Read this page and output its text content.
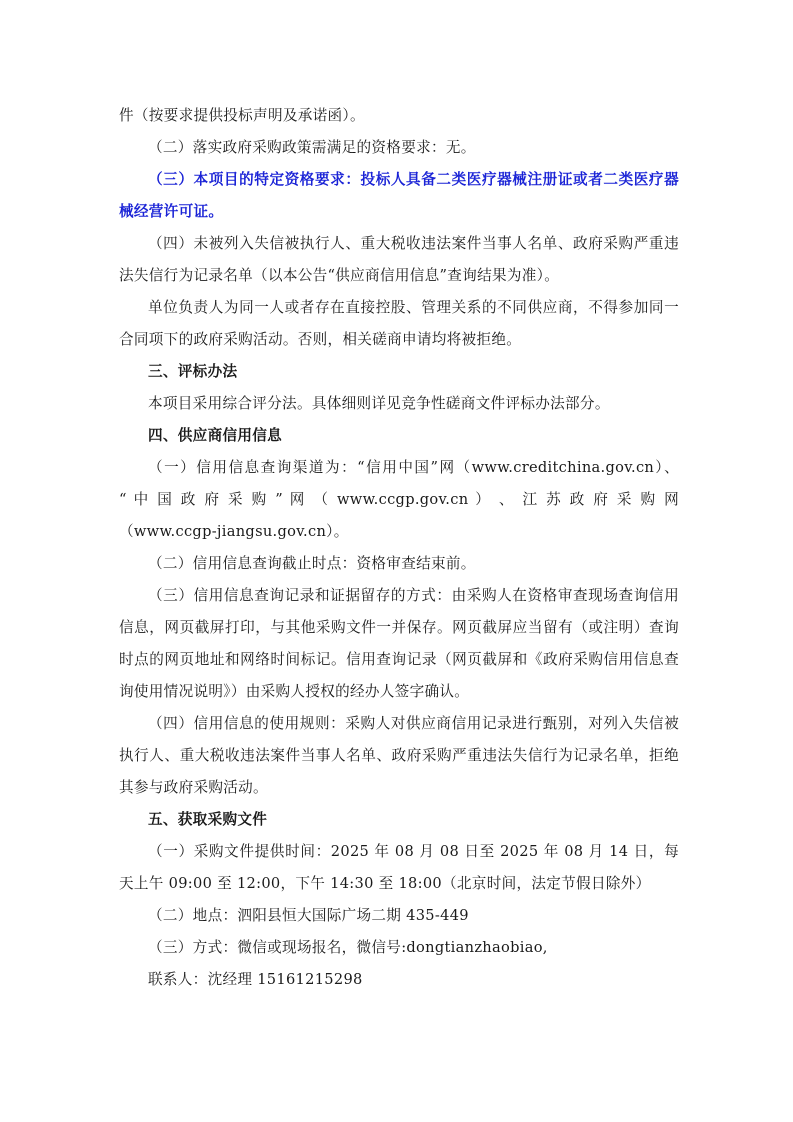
件（按要求提供投标声明及承诺函）。

（二）落实政府采购政策需满足的资格要求：无。

（三）本项目的特定资格要求：投标人具备二类医疗器械注册证或者二类医疗器械经营许可证。

（四）未被列入失信被执行人、重大税收违法案件当事人名单、政府采购严重违法失信行为记录名单（以本公告“供应商信用信息”查询结果为准）。

单位负责人为同一人或者存在直接控股、管理关系的不同供应商，不得参加同一合同项下的政府采购活动。否则，相关磋商申请均将被拒绝。

三、评标办法

本项目采用综合评分法。具体细则详见竞争性磋商文件评标办法部分。

四、供应商信用信息

（一）信用信息查询渠道为：“信用中国”网（www.creditchina.gov.cn）、

“ 中 国 政 府 采 购 ” 网 （ www.ccgp.gov.cn ） 、 江 苏 政 府 采 购 网

（www.ccgp-jiangsu.gov.cn）。

（二）信用信息查询截止时点：资格审查结束前。

（三）信用信息查询记录和证据留存的方式：由采购人在资格审查现场查询信用信息，网页截屏打印，与其他采购文件一并保存。网页截屏应当留有（或注明）查询时点的网页地址和网络时间标记。信用查询记录（网页截屏和《政府采购信用信息查询使用情况说明》）由采购人授权的经办人签字确认。

（四）信用信息的使用规则：采购人对供应商信用记录进行甄别，对列入失信被执行人、重大税收违法案件当事人名单、政府采购严重违法失信行为记录名单，拒绝其参与政府采购活动。

五、获取采购文件

（一）采购文件提供时间：2025 年 08 月 08 日至 2025 年 08 月 14 日，每天上午 09:00 至 12:00，下午 14:30 至 18:00（北京时间，法定节假日除外）

（二）地点：泗阳县恒大国际广场二期 435-449

（三）方式：微信或现场报名，微信号:dongtianzhaobiao,

联系人：沈经理 15161215298
